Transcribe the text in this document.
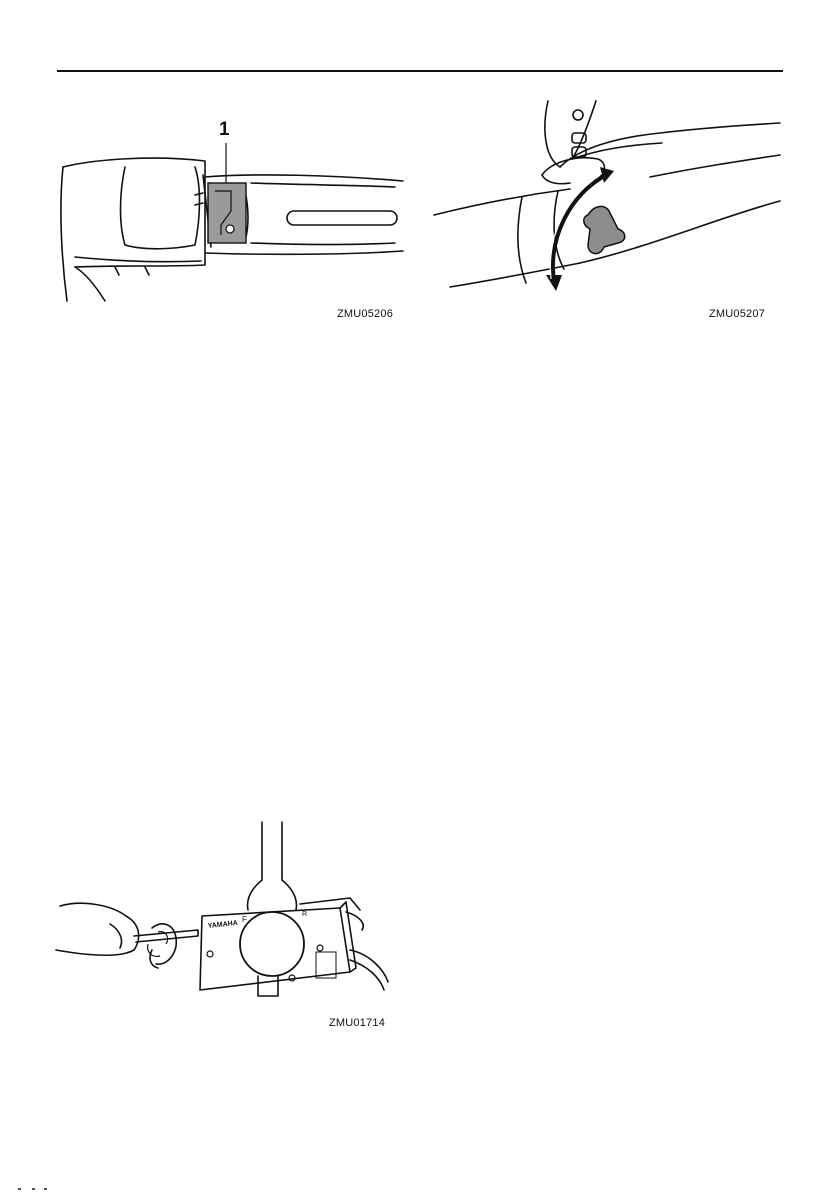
1
ZMU05206	ZMU05207
YAMAHA
F
R
ZMU01714
